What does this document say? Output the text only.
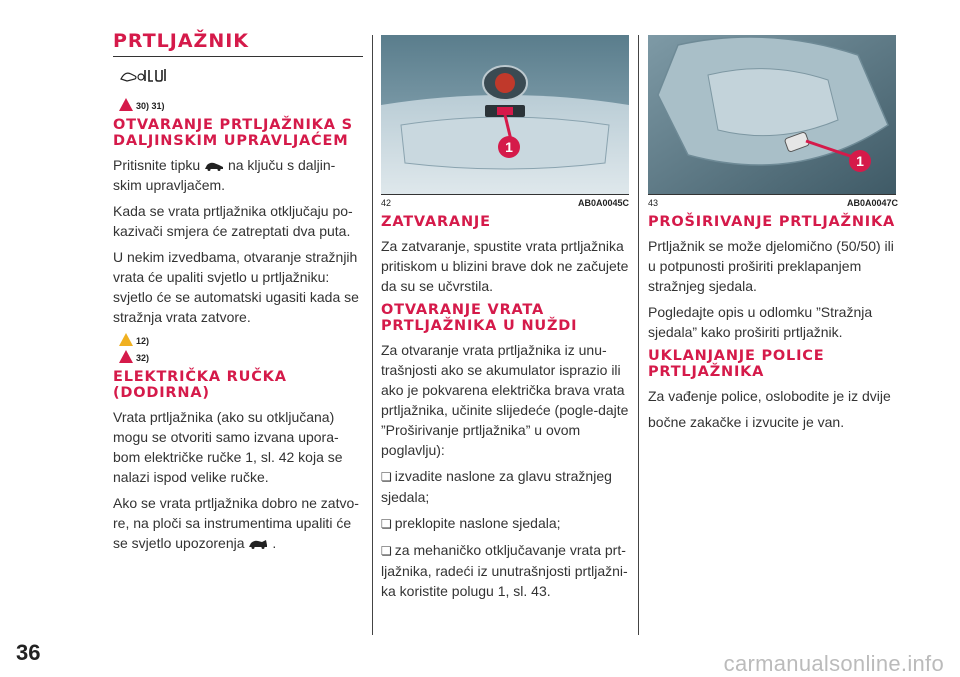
PRTLJAŽNIK
30) 31)
OTVARANJE PRTLJAŽNIKA S DALJINSKIM UPRAVLJAĆEM

Pritisnite tipku na ključu s daljin-skim upravljačem.

Kada se vrata prtljažnika otključaju po-kazivači smjera će zatreptati dva puta.

U nekim izvedbama, otvaranje stražnjih vrata će upaliti svjetlo u prtljažniku: svjetlo će se automatski ugasiti kada se stražnja vrata zatvore.

12)
32)
ELEKTRIČKA RUČKA (DODIRNA)

Vrata prtljažnika (ako su otključana) mogu se otvoriti samo izvana upora-bom električke ručke 1, sl. 42 koja se nalazi ispod velike ručke.

Ako se vrata prtljažnika dobro ne zatvo-re, na ploči sa instrumentima upaliti će se svjetlo upozorenja .

1
42	AB0A0045C
ZATVARANJE

Za zatvaranje, spustite vrata prtljažnika pritiskom u blizini brave dok ne začujete da su se učvrstila.

OTVARANJE VRATA PRTLJAŽNIKA U NUŽDI

Za otvaranje vrata prtljažnika iz unu-trašnjosti ako se akumulator isprazio ili ako je pokvarena električka brava vrata prtljažnika, učinite slijedeće (pogle-dajte ”Proširivanje prtljažnika” u ovom poglavlju):

❏ izvadite naslone za glavu stražnjeg sjedala;

❏ preklopite naslone sjedala;

❏ za mehaničko otključavanje vrata prt-ljažnika, radeći iz unutrašnjosti prtljažni-ka koristite polugu 1, sl. 43.

1
43	AB0A0047C
PROŠIRIVANJE PRTLJAŽNIKA

Prtljažnik se može djelomično (50/50) ili u potpunosti proširiti preklapanjem stražnjeg sjedala.

Pogledajte opis u odlomku ”Stražnja sjedala” kako proširiti prtljažnik.

UKLANJANJE POLICE PRTLJAŽNIKA

Za vađenje police, oslobodite je iz dvije

bočne zakačke i izvucite je van.

36	carmanualsonline.info
